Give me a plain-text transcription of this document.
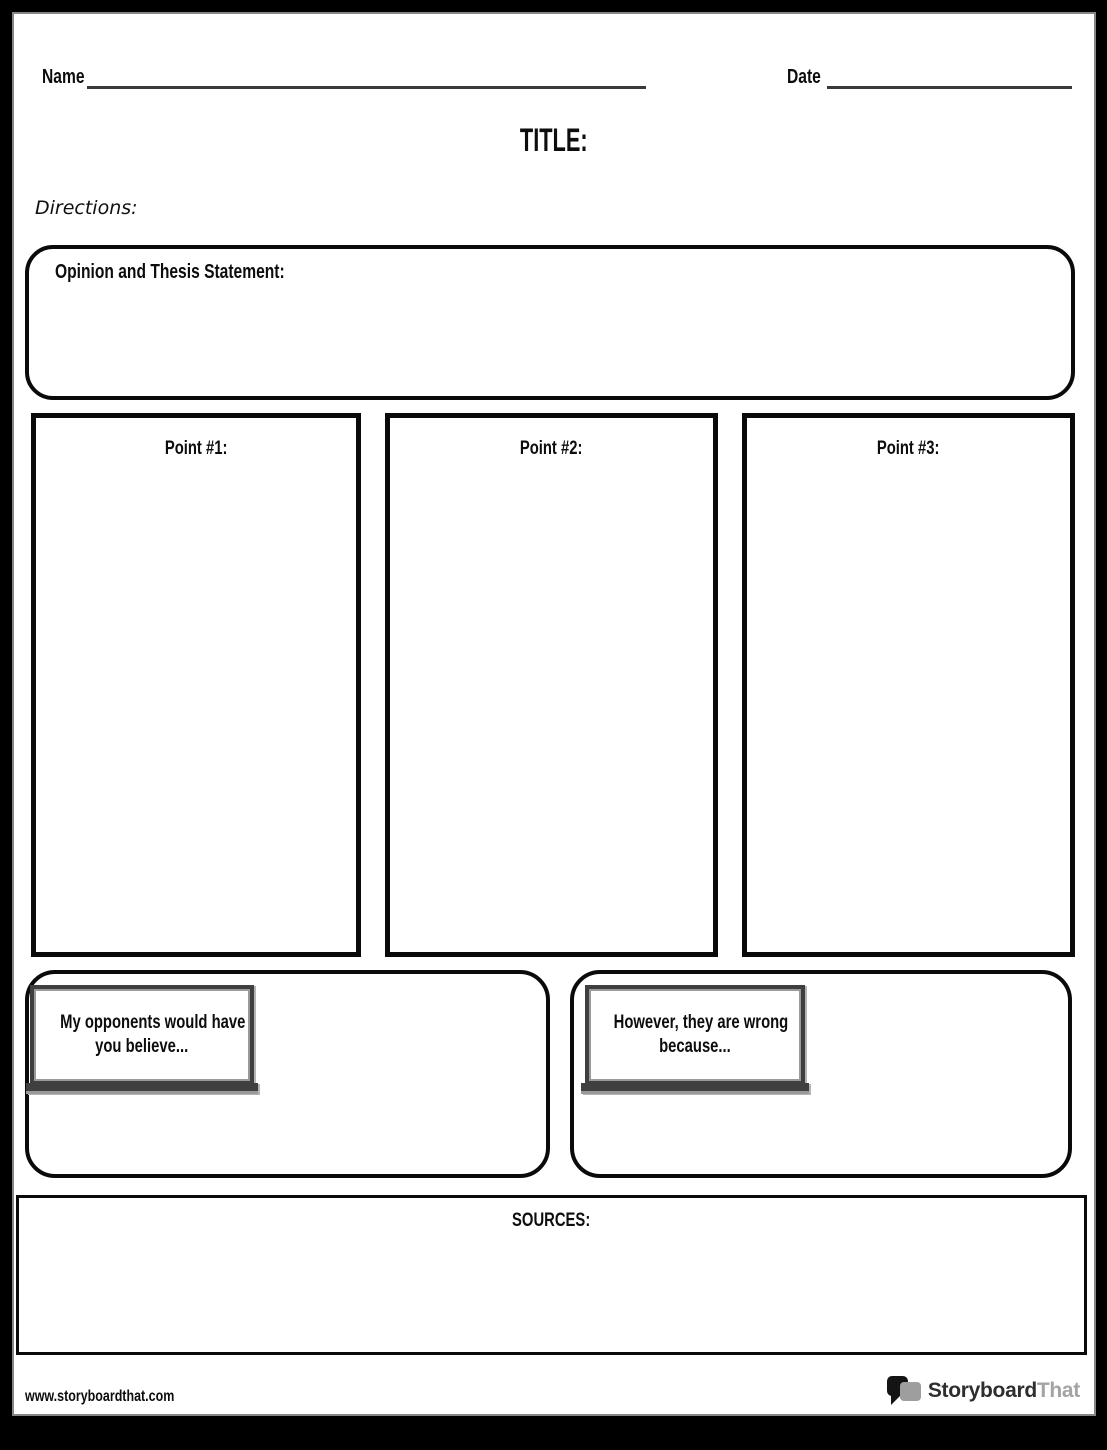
Name	Date
TITLE:
Directions:
Opinion and Thesis Statement:
Point #1:	Point #2:	Point #3:
My opponents would have
you believe...
However, they are wrong
because...
SOURCES:
www.storyboardthat.com	StoryboardThat
